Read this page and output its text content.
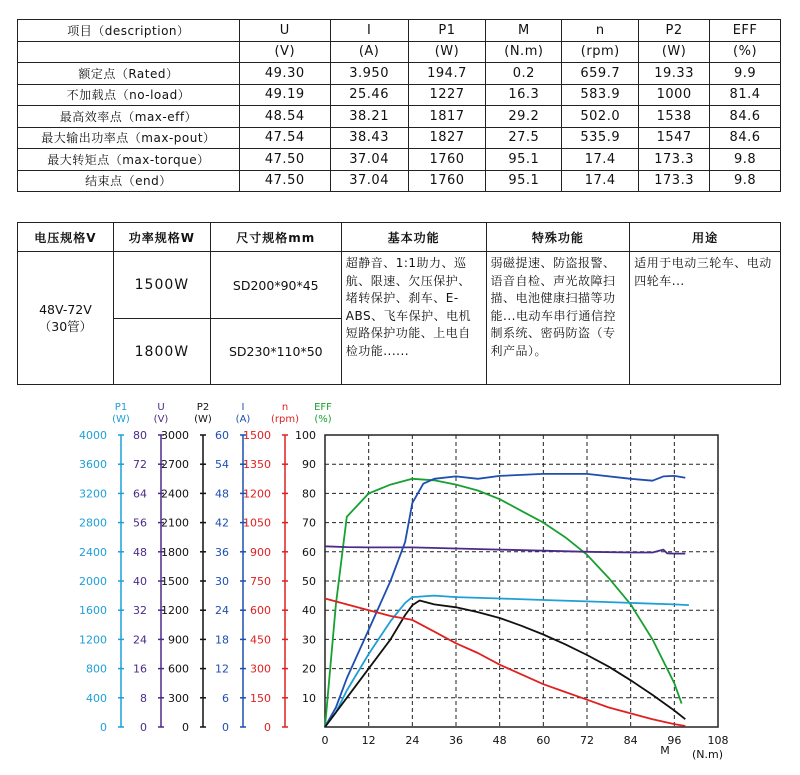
项目（description）	U	I	P1	M	n	P2	EFF
	(V)	(A)	(W)	(N.m)	(rpm)	(W)	(%)
额定点（Rated）	49.30	3.950	194.7	0.2	659.7	19.33	9.9
不加载点（no-load）	49.19	25.46	1227	16.3	583.9	1000	81.4
最高效率点（max-eff）	48.54	38.21	1817	29.2	502.0	1538	84.6
最大输出功率点（max-pout）	47.54	38.43	1827	27.5	535.9	1547	84.6
最大转矩点（max-torque）	47.50	37.04	1760	95.1	17.4	173.3	9.8
结束点（end）	47.50	37.04	1760	95.1	17.4	173.3	9.8
电压规格V	功率规格W	尺寸规格mm	基本功能	特殊功能	用途

48V-72V
（30管）	1500W	SD200*90*45	超静音、1:1助力、巡航、限速、欠压保护、堵转保护、刹车、E-ABS、飞车保护、电机短路保护功能、上电自检功能......	弱磁提速、防盗报警、语音自检、声光故障扫描、电池健康扫描等功能...电动车串行通信控制系统、密码防盗（专利产品）。	适用于电动三轮车、电动四轮车...
	1800W	SD230*110*50			
0	12	24	36	48	60	72	84	96 108
M (N.m)
P1
(W)
0
400
800
1200
1600
2000
2400
2800
3200
3600
4000
U
(V)
0
8
16
24
32
40
48
56
64
72
80
P2
(W)
0
300
600
900
1200
1500
1800
2100
2400
2700
3000
I
(A)
0
6
12
18
24
30
36
42
48
54
60
n
(rpm)
0
150
300
450
600
750
900
1050
1200
1350
1500
EFF
(%)
10
20
30
40
50
60
70
80
90
100
